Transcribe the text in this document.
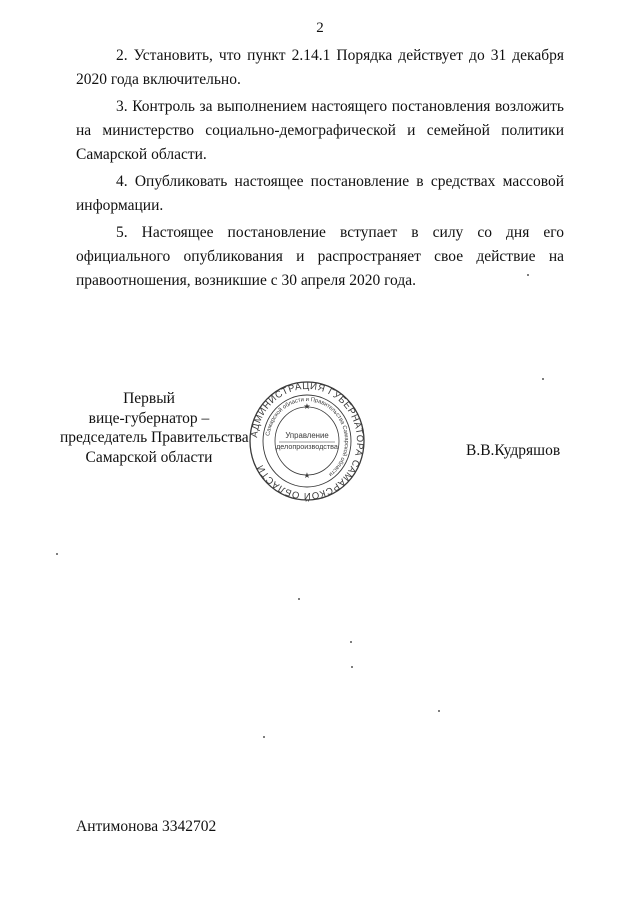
2

2. Установить, что пункт 2.14.1 Порядка действует до 31 декабря 2020 года включительно.

3. Контроль за выполнением настоящего постановления возложить на министерство социально-демографической и семейной политики Самарской области.

4. Опубликовать настоящее постановление в средствах массовой информации.

5. Настоящее постановление вступает в силу со дня его официального опубликования и распространяет свое действие на правоотношения, возникшие с 30 апреля 2020 года.

Первый
вице-губернатор –
председатель Правительства
Самарской области
АДМИНИСТРАЦИЯ ГУБЕРНАТОРА САМАРСКОЙ ОБЛАСТИ
Самарской области и Правительства Самарской области
Управление
делопроизводства
★
★
В.В.Кудряшов
Антимонова 3342702
